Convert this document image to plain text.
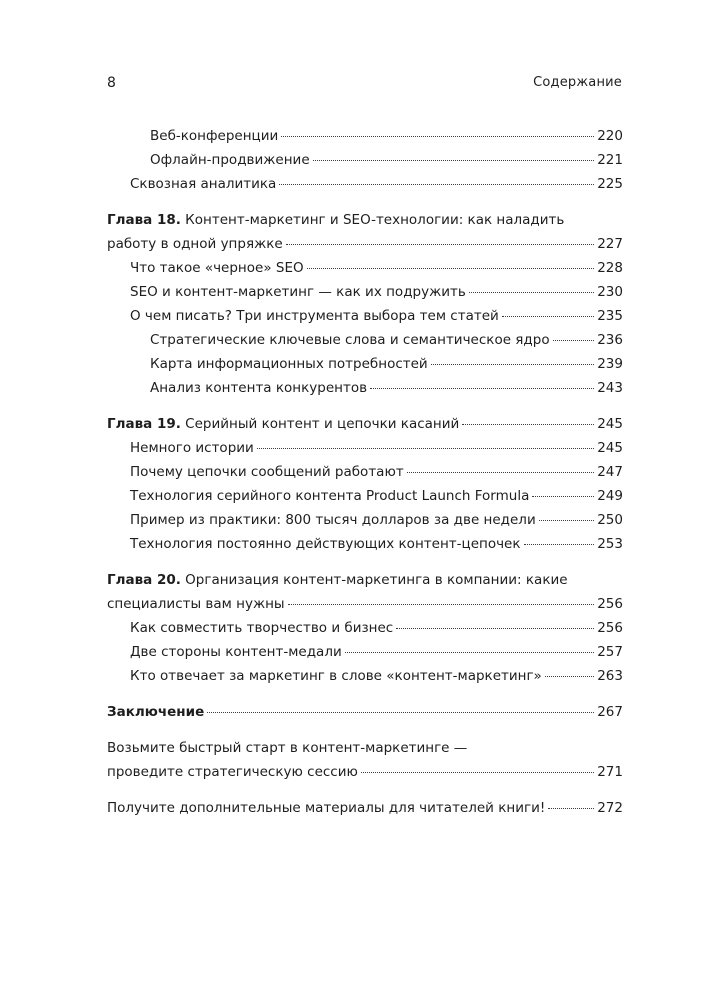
8	Содержание
Веб-конференции	220
Офлайн-продвижение	221
Сквозная аналитика	225
Глава 18. Контент-маркетинг и SEO-технологии: как наладить
работу в одной упряжке	227
Что такое «черное» SEO	228
SEO и контент-маркетинг — как их подружить	230
О чем писать? Три инструмента выбора тем статей	235
Стратегические ключевые слова и семантическое ядро	236
Карта информационных потребностей	239
Анализ контента конкурентов	243
Глава 19. Серийный контент и цепочки касаний	245
Немного истории	245
Почему цепочки сообщений работают	247
Технология серийного контента Product Launch Formula	249
Пример из практики: 800 тысяч долларов за две недели	250
Технология постоянно действующих контент-цепочек	253
Глава 20. Организация контент-маркетинга в компании: какие
специалисты вам нужны	256
Как совместить творчество и бизнес	256
Две стороны контент-медали	257
Кто отвечает за маркетинг в слове «контент-маркетинг»	263
Заключение	267
Возьмите быстрый старт в контент-маркетинге —
проведите стратегическую сессию	271
Получите дополнительные материалы для читателей книги!	272
